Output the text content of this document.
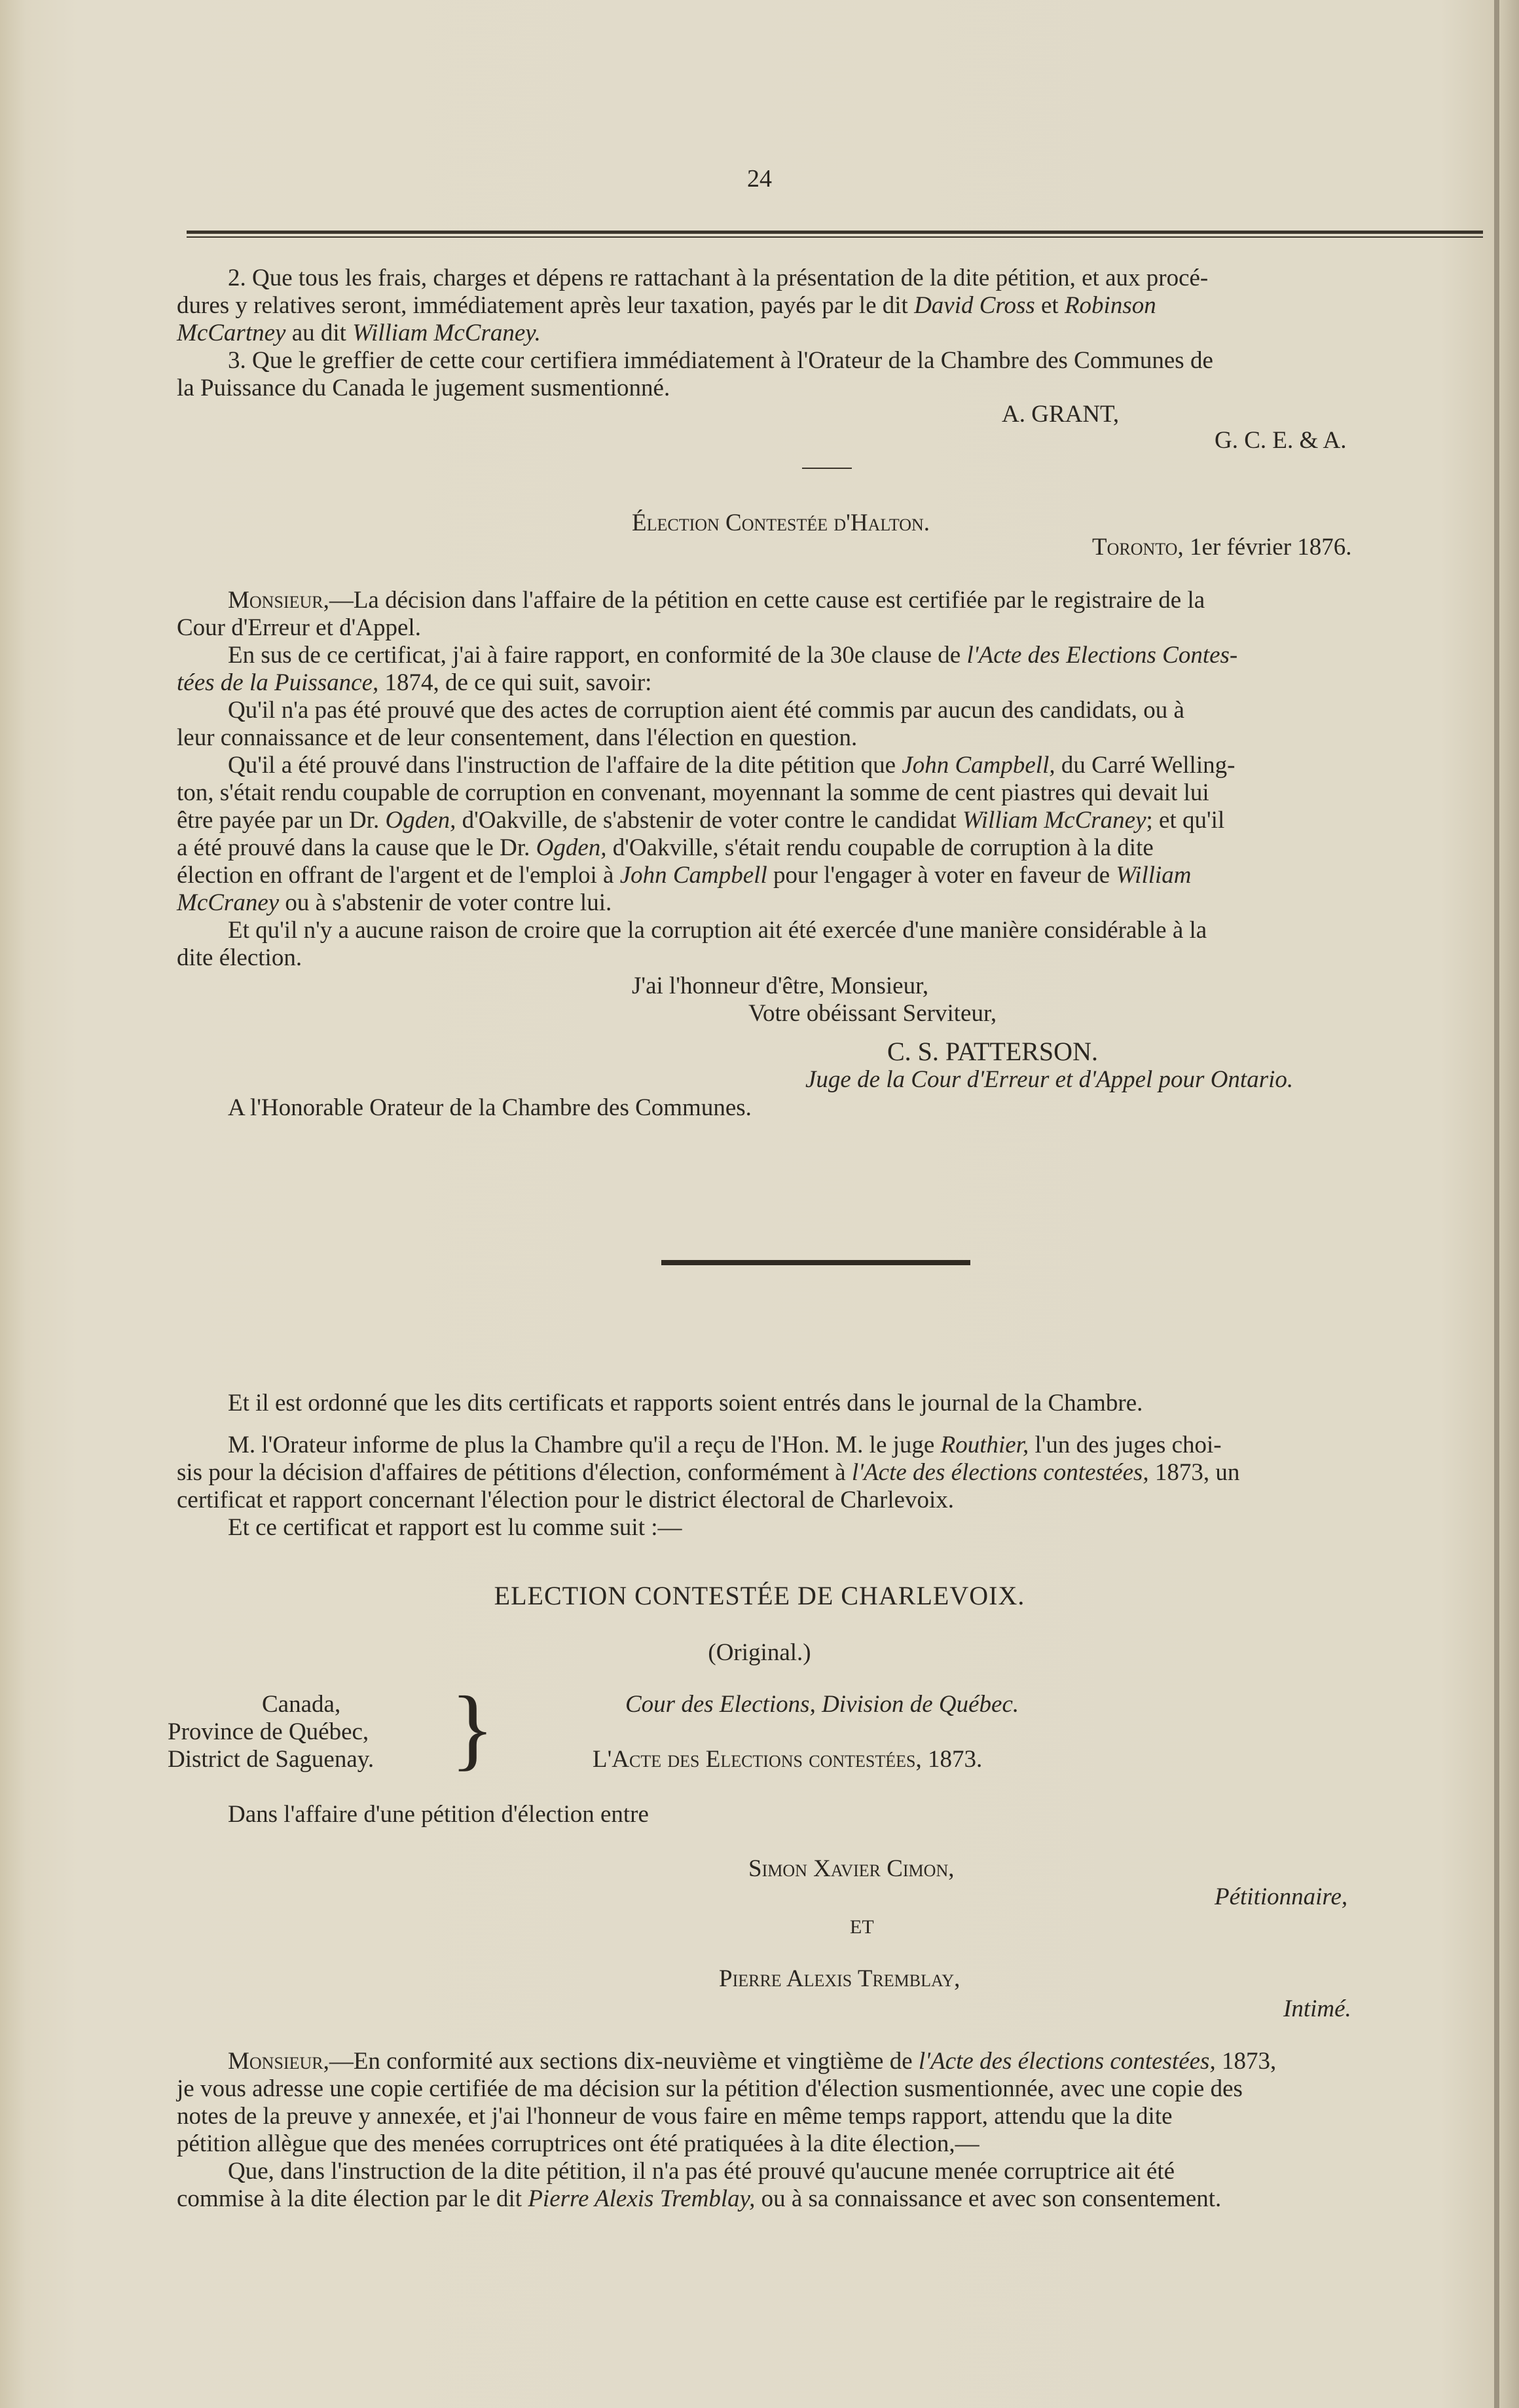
24
2. Que tous les frais, charges et dépens re rattachant à la présentation de la dite pétition, et aux procé-
dures y relatives seront, immédiatement après leur taxation, payés par le dit David Cross et Robinson
McCartney au dit William McCraney.
3. Que le greffier de cette cour certifiera immédiatement à l'Orateur de la Chambre des Communes de
la Puissance du Canada le jugement susmentionné.
A. GRANT,
G. C. E. & A.
Élection Contestée d'Halton.
Toronto, 1er février 1876.
Monsieur,—La décision dans l'affaire de la pétition en cette cause est certifiée par le registraire de la
Cour d'Erreur et d'Appel.
En sus de ce certificat, j'ai à faire rapport, en conformité de la 30e clause de l'Acte des Elections Contes-
tées de la Puissance, 1874, de ce qui suit, savoir:
Qu'il n'a pas été prouvé que des actes de corruption aient été commis par aucun des candidats, ou à
leur connaissance et de leur consentement, dans l'élection en question.
Qu'il a été prouvé dans l'instruction de l'affaire de la dite pétition que John Campbell, du Carré Welling-
ton, s'était rendu coupable de corruption en convenant, moyennant la somme de cent piastres qui devait lui
être payée par un Dr. Ogden, d'Oakville, de s'abstenir de voter contre le candidat William McCraney; et qu'il
a été prouvé dans la cause que le Dr. Ogden, d'Oakville, s'était rendu coupable de corruption à la dite
élection en offrant de l'argent et de l'emploi à John Campbell pour l'engager à voter en faveur de William
McCraney ou à s'abstenir de voter contre lui.
Et qu'il n'y a aucune raison de croire que la corruption ait été exercée d'une manière considérable à la
dite élection.
J'ai l'honneur d'être, Monsieur,
Votre obéissant Serviteur,
C. S. PATTERSON.
Juge de la Cour d'Erreur et d'Appel pour Ontario.
A l'Honorable Orateur de la Chambre des Communes.
Et il est ordonné que les dits certificats et rapports soient entrés dans le journal de la Chambre.
M. l'Orateur informe de plus la Chambre qu'il a reçu de l'Hon. M. le juge Routhier, l'un des juges choi-
sis pour la décision d'affaires de pétitions d'élection, conformément à l'Acte des élections contestées, 1873, un
certificat et rapport concernant l'élection pour le district électoral de Charlevoix.
Et ce certificat et rapport est lu comme suit :—
ELECTION CONTESTÉE DE CHARLEVOIX.
(Original.)
Canada,
Province de Québec,
District de Saguenay. }	Cour des Elections, Division de Québec.
L'Acte des Elections contestées, 1873.
Dans l'affaire d'une pétition d'élection entre
Simon Xavier Cimon,
Pétitionnaire,
ET
Pierre Alexis Tremblay,
Intimé.
Monsieur,—En conformité aux sections dix-neuvième et vingtième de l'Acte des élections contestées, 1873,
je vous adresse une copie certifiée de ma décision sur la pétition d'élection susmentionnée, avec une copie des
notes de la preuve y annexée, et j'ai l'honneur de vous faire en même temps rapport, attendu que la dite
pétition allègue que des menées corruptrices ont été pratiquées à la dite élection,—
Que, dans l'instruction de la dite pétition, il n'a pas été prouvé qu'aucune menée corruptrice ait été
commise à la dite élection par le dit Pierre Alexis Tremblay, ou à sa connaissance et avec son consentement.
